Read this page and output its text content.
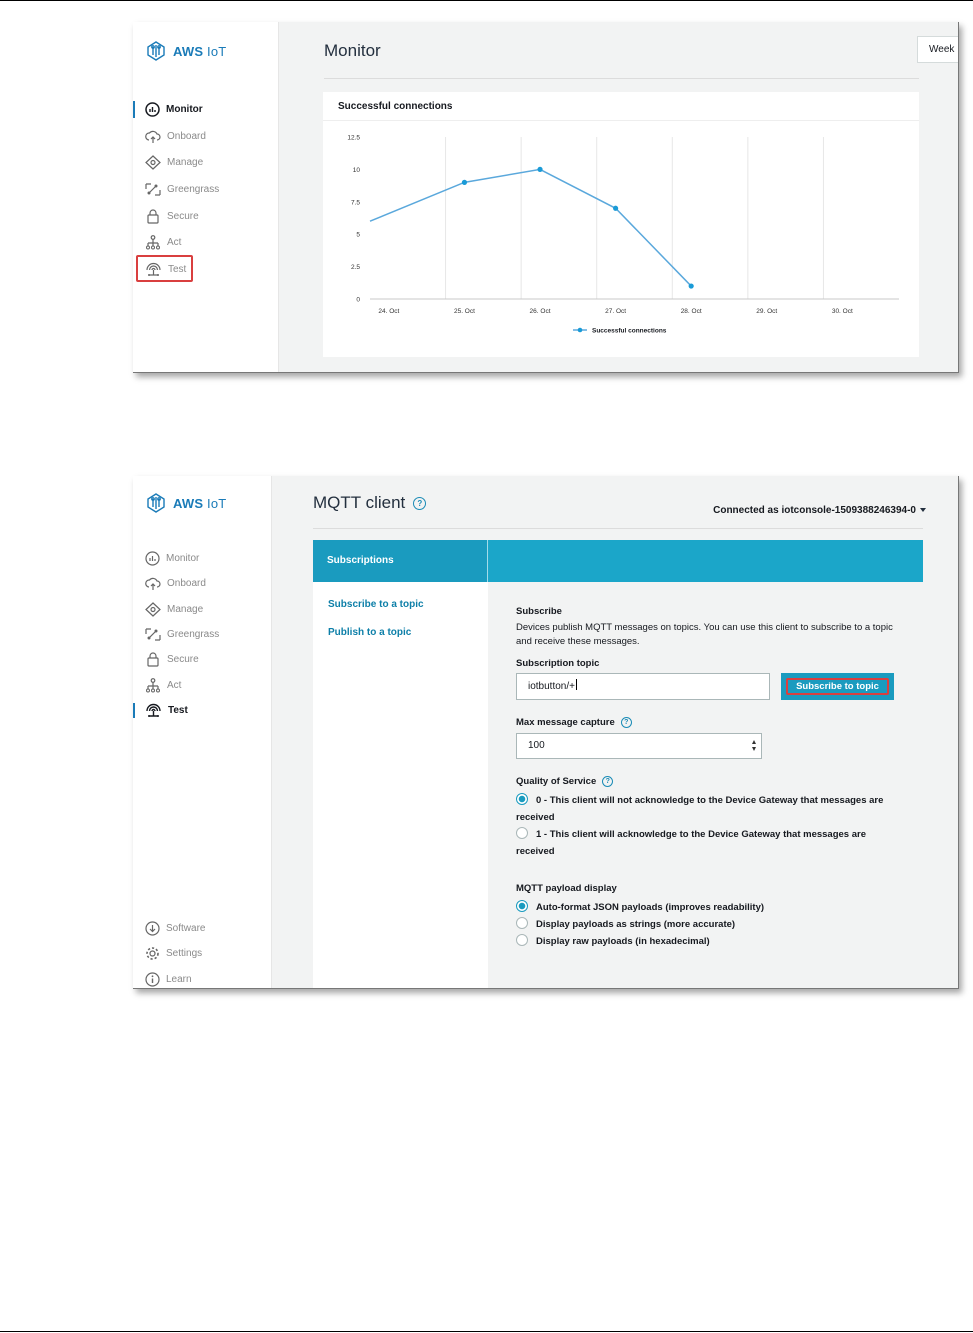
AWS IoT
Monitor
Onboard
Manage
Greengrass
Secure
Act
Test
Monitor	Week
Successful connections
0
2.5
5
7.5
10
12.5
24. Oct	25. Oct	26. Oct	27. Oct	28. Oct	29. Oct	30. Oct
Successful connections
AWS IoT
Monitor
Onboard
Manage
Greengrass
Secure
Act
Test
Software
Settings
Learn
MQTT client	?
Connected as iotconsole-1509388246394-0
Subscriptions
Subscribe to a topic
Publish to a topic
Subscribe
Devices publish MQTT messages on topics. You can use this client to subscribe to a topic and receive these messages.
Subscription topic
iotbutton/+	Subscribe to topic
Max message capture	?
100
Quality of Service	?
0 - This client will not acknowledge to the Device Gateway that messages are received
1 - This client will acknowledge to the Device Gateway that messages are received
MQTT payload display
Auto-format JSON payloads (improves readability)
Display payloads as strings (more accurate)
Display raw payloads (in hexadecimal)
